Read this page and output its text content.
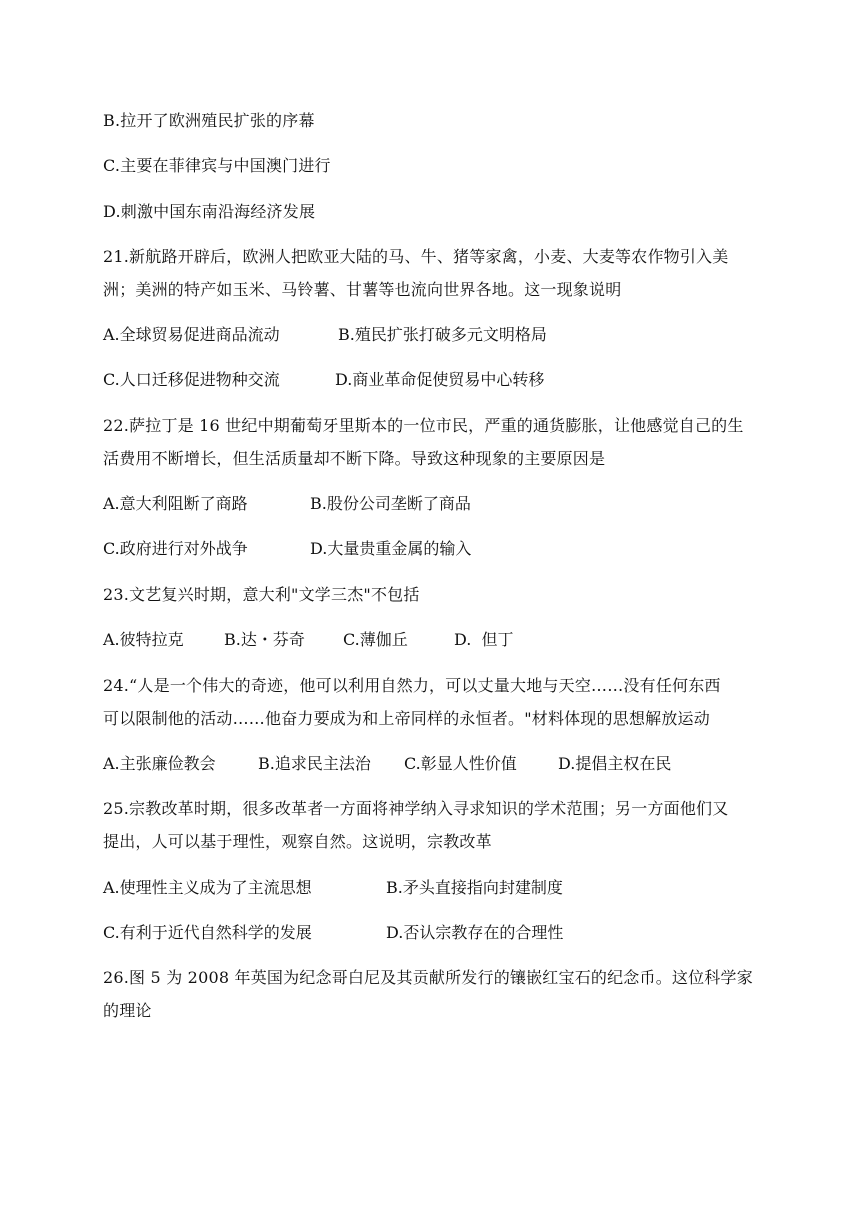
B.拉开了欧洲殖民扩张的序幕
C.主要在菲律宾与中国澳门进行
D.刺激中国东南沿海经济发展
21.新航路开辟后，欧洲人把欧亚大陆的马、牛、猪等家禽，小麦、大麦等农作物引入美
洲；美洲的特产如玉米、马铃薯、甘薯等也流向世界各地。这一现象说明
A.全球贸易促进商品流动	B.殖民扩张打破多元文明格局
C.人口迁移促进物种交流	D.商业革命促使贸易中心转移
22.萨拉丁是 16 世纪中期葡萄牙里斯本的一位市民，严重的通货膨胀，让他感觉自己的生
活费用不断增长，但生活质量却不断下降。导致这种现象的主要原因是
A.意大利阻断了商路	B.股份公司垄断了商品
C.政府进行对外战争	D.大量贵重金属的输入
23.文艺复兴时期，意大利"文学三杰"不包括
A.彼特拉克	B.达・芬奇 C.薄伽丘	D.  但丁
24.“人是一个伟大的奇迹，他可以利用自然力，可以丈量大地与天空……没有任何东西
可以限制他的活动……他奋力要成为和上帝同样的永恒者。"材料体现的思想解放运动
A.主张廉俭教会	B.追求民主法治 C.彰显人性价值	D.提倡主权在民
25.宗教改革时期，很多改革者一方面将神学纳入寻求知识的学术范围；另一方面他们又
提出，人可以基于理性，观察自然。这说明，宗教改革
A.使理性主义成为了主流思想	B.矛头直接指向封建制度
C.有利于近代自然科学的发展	D.否认宗教存在的合理性
26.图 5 为 2008 年英国为纪念哥白尼及其贡献所发行的镶嵌红宝石的纪念币。这位科学家
的理论
